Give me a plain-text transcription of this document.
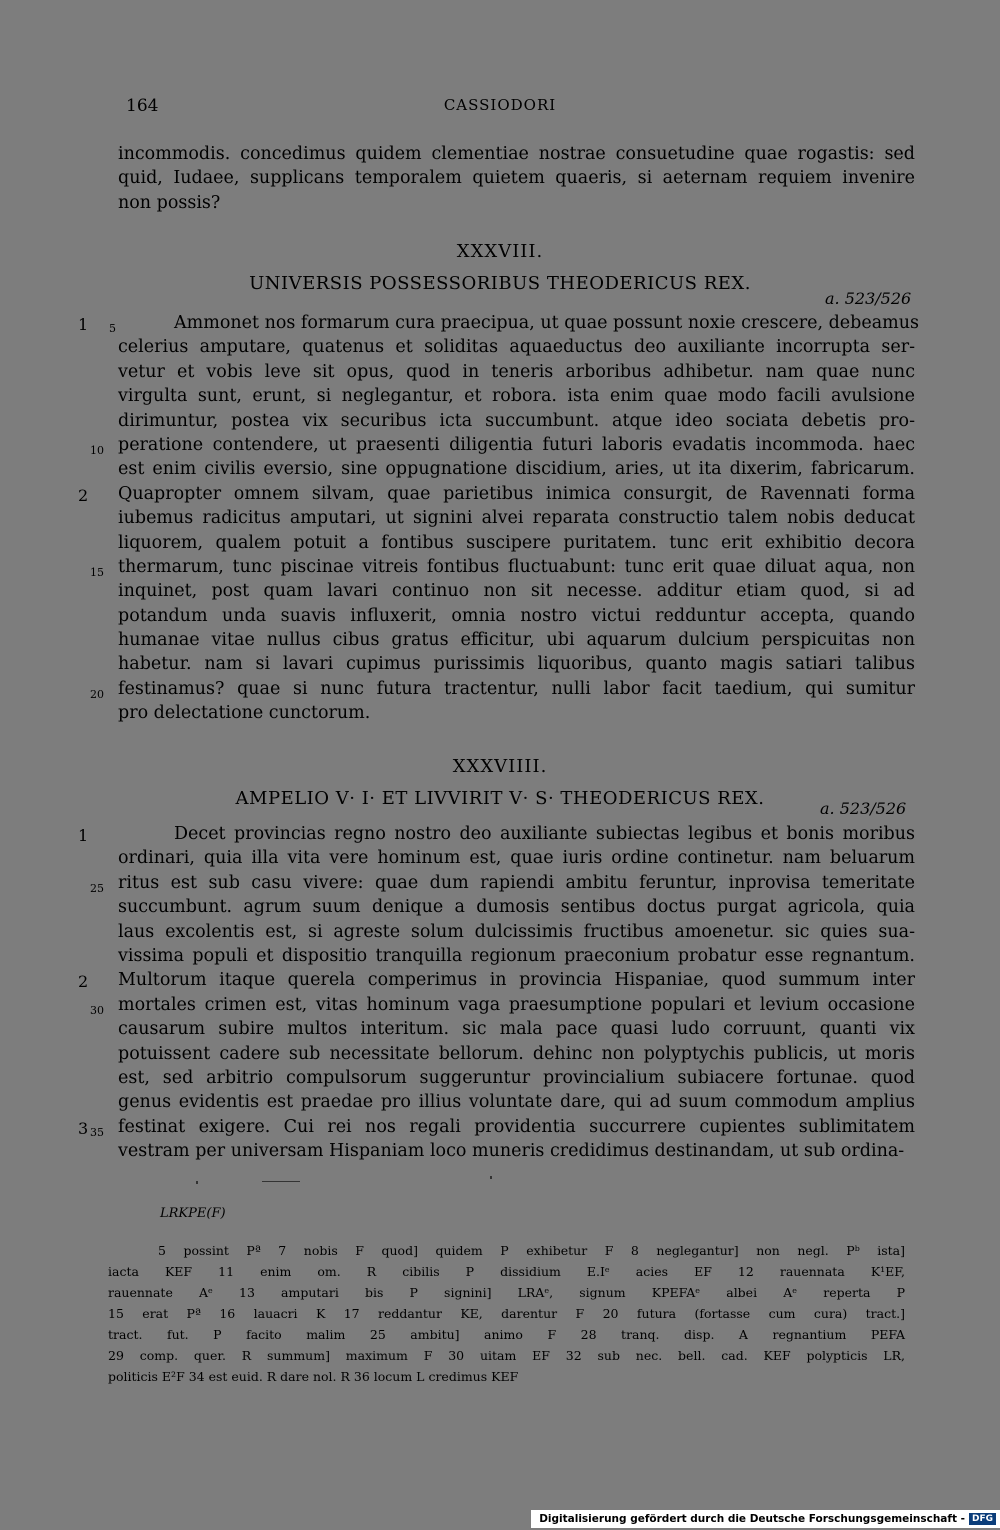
164	CASSIODORI
incommodis. concedimus quidem clementiae nostrae consuetudine quae rogastis: sed
quid, Iudaee, supplicans temporalem quietem quaeris, si aeternam requiem invenire
non possis?
XXXVIII.
UNIVERSIS POSSESSORIBUS THEODERICUS REX.
a. 523/526
Ammonet nos formarum cura praecipua, ut quae possunt noxie crescere, debeamus
1 5
celerius amputare, quatenus et soliditas aquaeductus deo auxiliante incorrupta ser-
vetur et vobis leve sit opus, quod in teneris arboribus adhibetur. nam quae nunc
virgulta sunt, erunt, si neglegantur, et robora. ista enim quae modo facili avulsione
dirimuntur, postea vix securibus icta succumbunt. atque ideo sociata debetis pro-
peratione contendere, ut praesenti diligentia futuri laboris evadatis incommoda. haec
10
est enim civilis eversio, sine oppugnatione discidium, aries, ut ita dixerim, fabricarum.
Quapropter omnem silvam, quae parietibus inimica consurgit, de Ravennati forma
2
iubemus radicitus amputari, ut signini alvei reparata constructio talem nobis deducat
liquorem, qualem potuit a fontibus suscipere puritatem. tunc erit exhibitio decora
thermarum, tunc piscinae vitreis fontibus fluctuabunt: tunc erit quae diluat aqua, non
15
inquinet, post quam lavari continuo non sit necesse. additur etiam quod, si ad
potandum unda suavis influxerit, omnia nostro victui redduntur accepta, quando
humanae vitae nullus cibus gratus efficitur, ubi aquarum dulcium perspicuitas non
habetur. nam si lavari cupimus purissimis liquoribus, quanto magis satiari talibus
festinamus? quae si nunc futura tractentur, nulli labor facit taedium, qui sumitur
20
pro delectatione cunctorum.
XXXVIIII.
AMPELIO V· I· ET LIVVIRIT V· S· THEODERICUS REX.	a. 523/526
Decet provincias regno nostro deo auxiliante subiectas legibus et bonis moribus
1
ordinari, quia illa vita vere hominum est, quae iuris ordine continetur. nam beluarum
ritus est sub casu vivere: quae dum rapiendi ambitu feruntur, inprovisa temeritate
25
succumbunt. agrum suum denique a dumosis sentibus doctus purgat agricola, quia
laus excolentis est, si agreste solum dulcissimis fructibus amoenetur. sic quies sua-
vissima populi et dispositio tranquilla regionum praeconium probatur esse regnantum.
Multorum itaque querela comperimus in provincia Hispaniae, quod summum inter
2
mortales crimen est, vitas hominum vaga praesumptione populari et levium occasione
30
causarum subire multos interitum. sic mala pace quasi ludo corruunt, quanti vix
potuissent cadere sub necessitate bellorum. dehinc non polyptychis publicis, ut moris
est, sed arbitrio compulsorum suggeruntur provincialium subiacere fortunae. quod
genus evidentis est praedae pro illius voluntate dare, qui ad suum commodum amplius
festinat exigere. Cui rei nos regali providentia succurrere cupientes sublimitatem
3 35
vestram per universam Hispaniam loco muneris credidimus destinandam, ut sub ordina-
LRKPE(F)
5 possint Pª 7 nobis F quod] quidem P exhibetur F 8 neglegantur] non negl. Pᵇ ista]
iacta KEF 11 enim om. R cibilis P dissidium E.Iᵉ acies EF 12 rauennata K¹EF,
rauennate Aᵉ 13 amputari bis P signini] LRAᵉ, signum KPEFAᵉ albei Aᵉ reperta P
15 erat Pª 16 lauacri K 17 reddantur KE, darentur F 20 futura (fortasse cum cura) tract.]
tract. fut. P facito malim 25 ambitu] animo F 28 tranq. disp. A regnantium PEFA
29 comp. quer. R summum] maximum F 30 uitam EF 32 sub nec. bell. cad. KEF polypticis LR,
politicis E²F 34 est euid. R dare nol. R 36 locum L credimus KEF
Digitalisierung gefördert durch die Deutsche Forschungsgemeinschaft - DFG
